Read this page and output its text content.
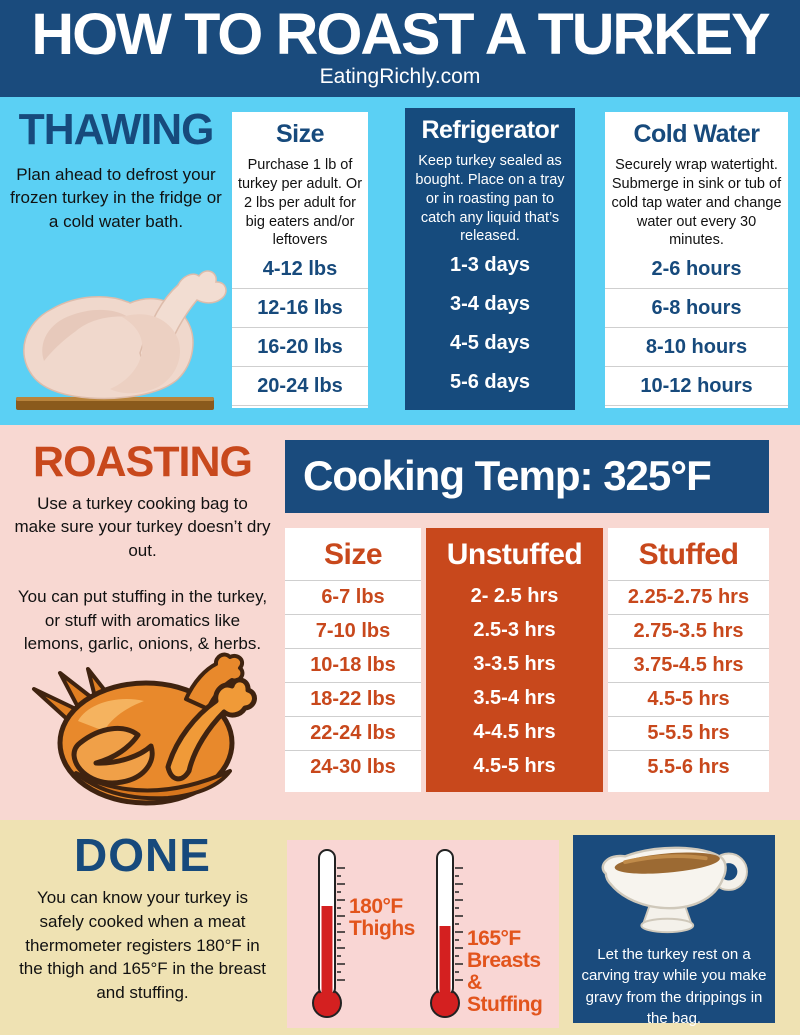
HOW TO ROAST A TURKEY
EatingRichly.com
THAWING
Plan ahead to defrost your frozen turkey in the fridge or a cold water bath.
Size
Purchase 1 lb of turkey per adult. Or 2 lbs per adult for big eaters and/or leftovers
4-12 lbs
12-16 lbs
16-20 lbs
20-24 lbs
Refrigerator
Keep turkey sealed as bought. Place on a tray or in roasting pan to catch any liquid that’s released.
1-3 days
3-4 days
4-5 days
5-6 days
Cold Water
Securely wrap watertight. Submerge in sink or tub of cold tap water and change water out every 30 minutes.
2-6 hours
6-8 hours
8-10 hours
10-12 hours
ROASTING

Use a turkey cooking bag to make sure your turkey doesn’t dry out.

You can put stuffing in the turkey, or stuff with aromatics like lemons, garlic, onions, & herbs.

Cooking Temp: 325°F
Size
6-7 lbs
7-10 lbs
10-18 lbs
18-22 lbs
22-24 lbs
24-30 lbs
Unstuffed
2- 2.5 hrs
2.5-3 hrs
3-3.5 hrs
3.5-4 hrs
4-4.5 hrs
4.5-5 hrs
Stuffed
2.25-2.75 hrs
2.75-3.5 hrs
3.75-4.5 hrs
4.5-5 hrs
5-5.5 hrs
5.5-6 hrs
DONE

You can know your turkey is safely cooked when a meat thermometer registers 180°F in the thigh and 165°F in the breast and stuffing.

180°F
Thighs	165°F
Breasts & Stuffing

Let the turkey rest on a carving tray while you make gravy from the drippings in the bag.
